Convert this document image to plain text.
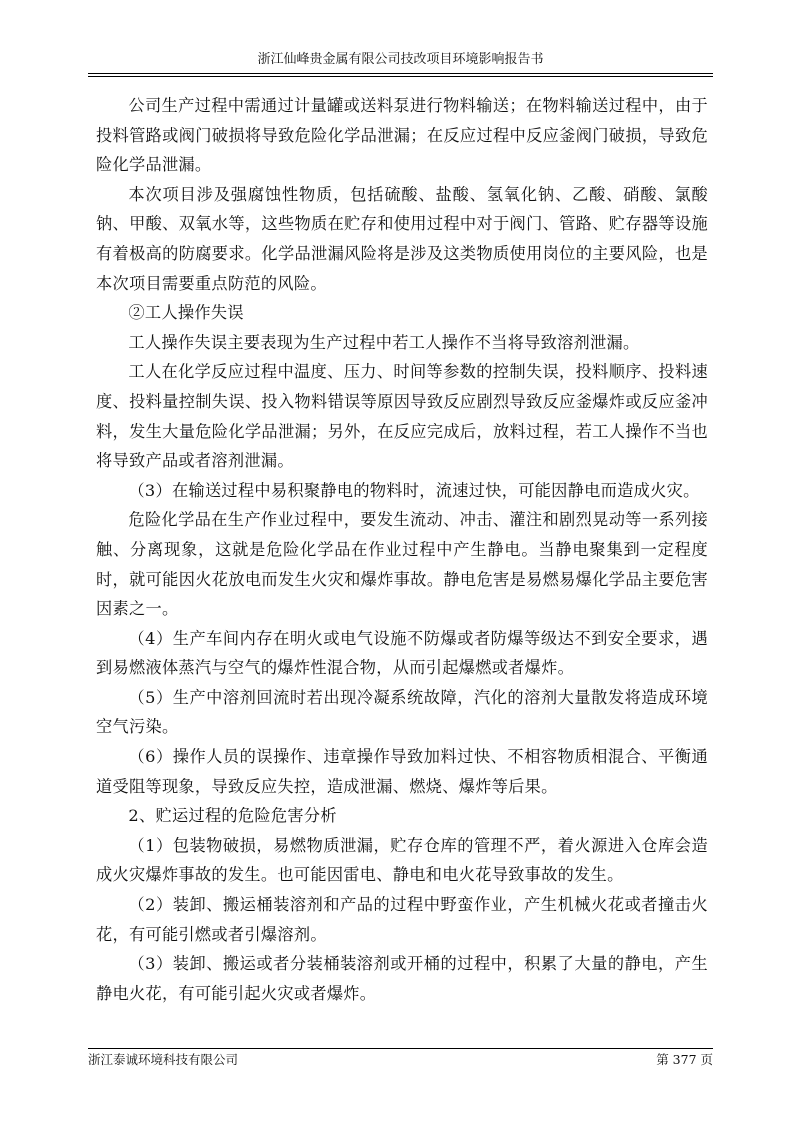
浙江仙峰贵金属有限公司技改项目环境影响报告书

公司生产过程中需通过计量罐或送料泵进行物料输送；在物料输送过程中，由于投料管路或阀门破损将导致危险化学品泄漏；在反应过程中反应釜阀门破损，导致危险化学品泄漏。

本次项目涉及强腐蚀性物质，包括硫酸、盐酸、氢氧化钠、乙酸、硝酸、氯酸钠、甲酸、双氧水等，这些物质在贮存和使用过程中对于阀门、管路、贮存器等设施有着极高的防腐要求。化学品泄漏风险将是涉及这类物质使用岗位的主要风险，也是本次项目需要重点防范的风险。

②工人操作失误

工人操作失误主要表现为生产过程中若工人操作不当将导致溶剂泄漏。

工人在化学反应过程中温度、压力、时间等参数的控制失误，投料顺序、投料速度、投料量控制失误、投入物料错误等原因导致反应剧烈导致反应釜爆炸或反应釜冲料，发生大量危险化学品泄漏；另外，在反应完成后，放料过程，若工人操作不当也将导致产品或者溶剂泄漏。

（3）在输送过程中易积聚静电的物料时，流速过快，可能因静电而造成火灾。

危险化学品在生产作业过程中，要发生流动、冲击、灌注和剧烈晃动等一系列接触、分离现象，这就是危险化学品在作业过程中产生静电。当静电聚集到一定程度时，就可能因火花放电而发生火灾和爆炸事故。静电危害是易燃易爆化学品主要危害因素之一。

（4）生产车间内存在明火或电气设施不防爆或者防爆等级达不到安全要求，遇到易燃液体蒸汽与空气的爆炸性混合物，从而引起爆燃或者爆炸。

（5）生产中溶剂回流时若出现冷凝系统故障，汽化的溶剂大量散发将造成环境空气污染。

（6）操作人员的误操作、违章操作导致加料过快、不相容物质相混合、平衡通道受阻等现象，导致反应失控，造成泄漏、燃烧、爆炸等后果。

2、贮运过程的危险危害分析

（1）包装物破损，易燃物质泄漏，贮存仓库的管理不严，着火源进入仓库会造成火灾爆炸事故的发生。也可能因雷电、静电和电火花导致事故的发生。

（2）装卸、搬运桶装溶剂和产品的过程中野蛮作业，产生机械火花或者撞击火花，有可能引燃或者引爆溶剂。

（3）装卸、搬运或者分装桶装溶剂或开桶的过程中，积累了大量的静电，产生静电火花，有可能引起火灾或者爆炸。

浙江泰诚环境科技有限公司	第 377 页
